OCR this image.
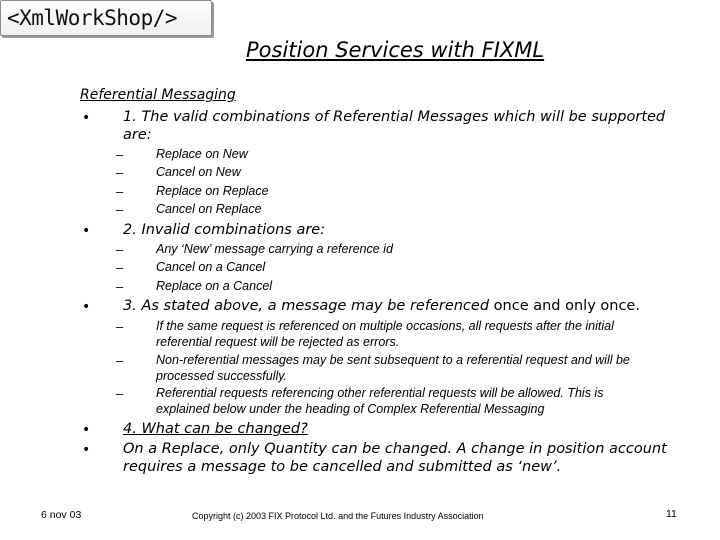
<XmlWorkShop/>
Position Services with FIXML
Referential Messaging
• 1. The valid combinations of Referential Messages which will be supported
are:
–	Replace on New
–	Cancel on New
–	Replace on Replace
–	Cancel on Replace
• 2. Invalid combinations are:
–	Any ‘New’ message carrying a reference id
–	Cancel on a Cancel
–	Replace on a Cancel
• 3. As stated above, a message may be referenced once and only once.
–	If the same request is referenced on multiple occasions, all requests after the initial
referential request will be rejected as errors.
–	Non-referential messages may be sent subsequent to a referential request and will be
processed successfully.
–	Referential requests referencing other referential requests will be allowed. This is
explained below under the heading of Complex Referential Messaging
• 4. What can be changed?
• On a Replace, only Quantity can be changed. A change in position account
requires a message to be cancelled and submitted as ‘new’.
6 nov 03	Copyright (c) 2003 FIX Protocol Ltd. and the Futures Industry Association	11
